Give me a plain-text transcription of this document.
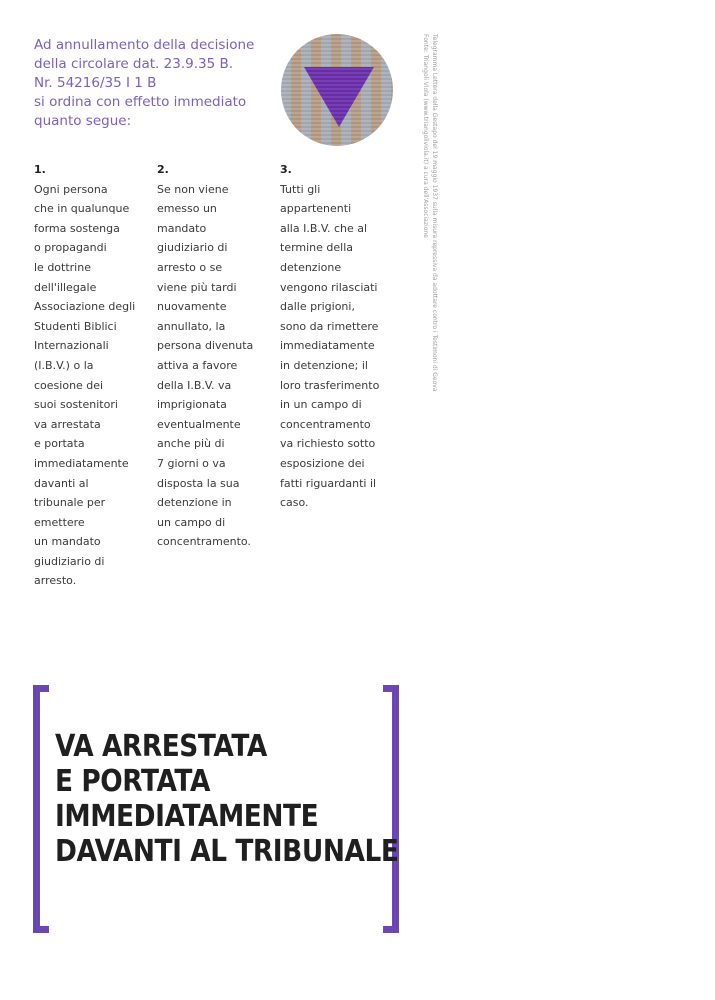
Ad annullamento della decisione
della circolare dat. 23.9.35 B.
Nr. 54216/35 I 1 B
si ordina con effetto immediato
quanto segue:	Telegramma Lettera della Gestapo del 19 maggio 1937 sulla misura repressiva da adottare contro i Testimoni di Geova
Fonte: Triangoli Viola (www.triangoliviola.it) a cura dell'Associazione
1.
Ogni persona
che in qualunque
forma sostenga
o propagandi
le dottrine
dell'illegale
Associazione degli
Studenti Biblici
Internazionali
(I.B.V.) o la
coesione dei
suoi sostenitori
va arrestata
e portata
immediatamente
davanti al
tribunale per
emettere
un mandato
giudiziario di
arresto.
2.
Se non viene
emesso un
mandato
giudiziario di
arresto o se
viene più tardi
nuovamente
annullato, la
persona divenuta
attiva a favore
della I.B.V. va
imprigionata
eventualmente
anche più di
7 giorni o va
disposta la sua
detenzione in
un campo di
concentramento.
3.
Tutti gli
appartenenti
alla I.B.V. che al
termine della
detenzione
vengono rilasciati
dalle prigioni,
sono da rimettere
immediatamente
in detenzione; il
loro trasferimento
in un campo di
concentramento
va richiesto sotto
esposizione dei
fatti riguardanti il
caso.
VA ARRESTATA
E PORTATA
IMMEDIATAMENTE
DAVANTI AL TRIBUNALE
